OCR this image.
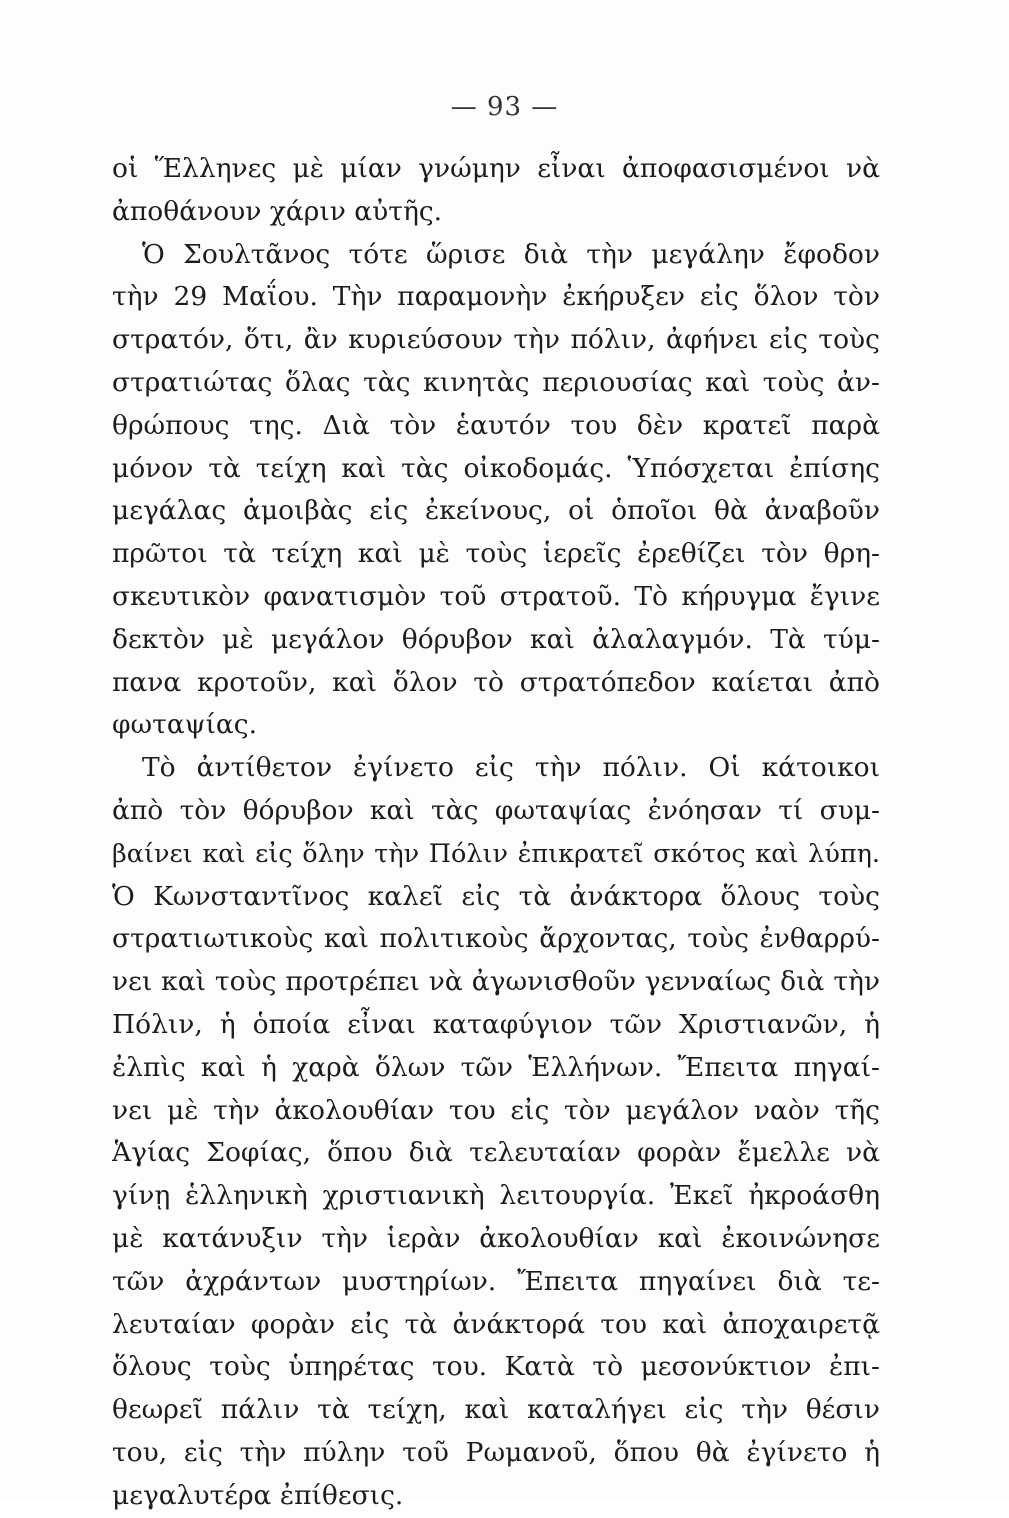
— 93 —
οἱ Ἕλληνες μὲ μίαν γνώμην εἶναι ἀποφασισμένοι νὰ
ἀποθάνουν χάριν αὐτῆς.
Ὁ Σουλτᾶνος τότε ὥρισε διὰ τὴν μεγάλην ἔφοδον
τὴν 29 Μαΐου. Τὴν παραμονὴν ἐκήρυξεν εἰς ὅλον τὸν
στρατόν, ὅτι, ἂν κυριεύσουν τὴν πόλιν, ἀφήνει εἰς τοὺς
στρατιώτας ὅλας τὰς κινητὰς περιουσίας καὶ τοὺς ἀν-
θρώπους της. Διὰ τὸν ἑαυτόν του δὲν κρατεῖ παρὰ
μόνον τὰ τείχη καὶ τὰς οἰκοδομάς. Ὑπόσχεται ἐπίσης
μεγάλας ἀμοιβὰς εἰς ἐκείνους, οἱ ὁποῖοι θὰ ἀναβοῦν
πρῶτοι τὰ τείχη καὶ μὲ τοὺς ἱερεῖς ἐρεθίζει τὸν θρη-
σκευτικὸν φανατισμὸν τοῦ στρατοῦ. Τὸ κήρυγμα ἔγινε
δεκτὸν μὲ μεγάλον θόρυβον καὶ ἀλαλαγμόν. Τὰ τύμ-
πανα κροτοῦν, καὶ ὅλον τὸ στρατόπεδον καίεται ἀπὸ
φωταψίας.
Τὸ ἀντίθετον ἐγίνετο εἰς τὴν πόλιν. Οἱ κάτοικοι
ἀπὸ τὸν θόρυβον καὶ τὰς φωταψίας ἐνόησαν τί συμ-
βαίνει καὶ εἰς ὅλην τὴν Πόλιν ἐπικρατεῖ σκότος καὶ λύπη.
Ὁ Κωνσταντῖνος καλεῖ εἰς τὰ ἀνάκτορα ὅλους τοὺς
στρατιωτικοὺς καὶ πολιτικοὺς ἄρχοντας, τοὺς ἐνθαρρύ-
νει καὶ τοὺς προτρέπει νὰ ἀγωνισθοῦν γενναίως διὰ τὴν
Πόλιν, ἡ ὁποία εἶναι καταφύγιον τῶν Χριστιανῶν, ἡ
ἐλπὶς καὶ ἡ χαρὰ ὅλων τῶν Ἑλλήνων. Ἔπειτα πηγαί-
νει μὲ τὴν ἀκολουθίαν του εἰς τὸν μεγάλον ναὸν τῆς
Ἁγίας Σοφίας, ὅπου διὰ τελευταίαν φορὰν ἔμελλε νὰ
γίνῃ ἑλληνικὴ χριστιανικὴ λειτουργία. Ἐκεῖ ἠκροάσθη
μὲ κατάνυξιν τὴν ἱερὰν ἀκολουθίαν καὶ ἐκοινώνησε
τῶν ἀχράντων μυστηρίων. Ἔπειτα πηγαίνει διὰ τε-
λευταίαν φορὰν εἰς τὰ ἀνάκτορά του καὶ ἀποχαιρετᾷ
ὅλους τοὺς ὑπηρέτας του. Κατὰ τὸ μεσονύκτιον ἐπι-
θεωρεῖ πάλιν τὰ τείχη, καὶ καταλήγει εἰς τὴν θέσιν
του, εἰς τὴν πύλην τοῦ Ρωμανοῦ, ὅπου θὰ ἐγίνετο ἡ
μεγαλυτέρα ἐπίθεσις.
